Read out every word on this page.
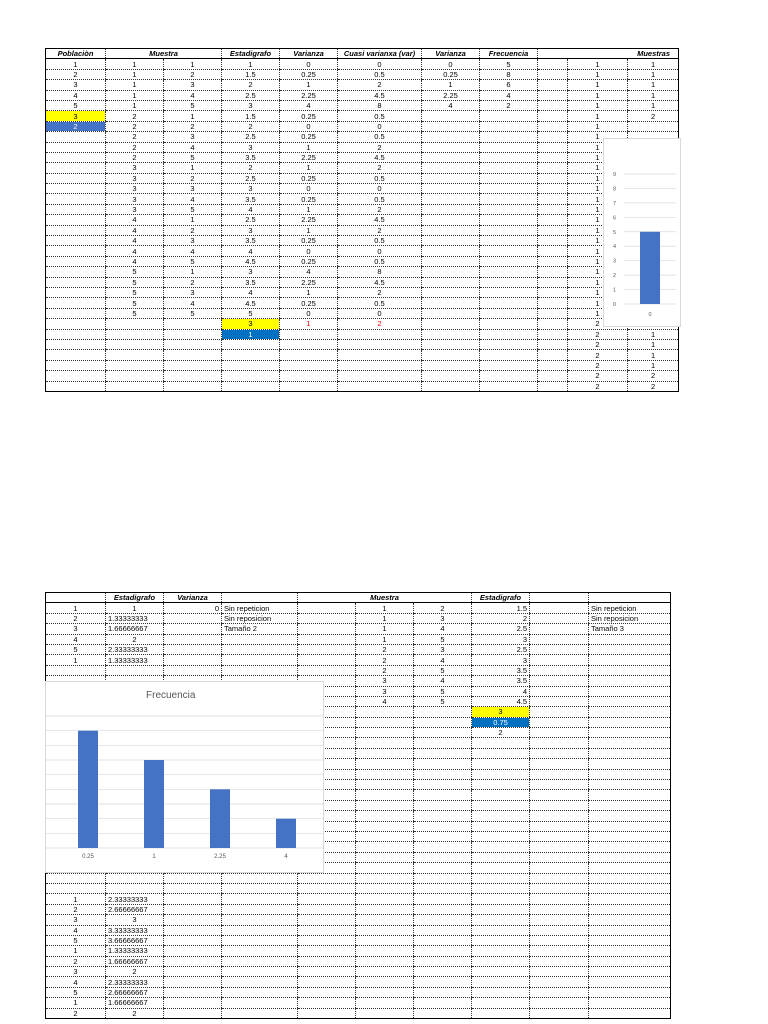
Poblaciòn	Muestra		Estadigrafo	Varianza	Cuasi varianxa (var)	Varianza	Frecuencia	Muestras		
1	1	1	1	0	0	0	5		1	1
2	1	2	1.5	0.25	0.5	0.25	8		1	1
3	1	3	2	1	2	1	6		1	1
4	1	4	2.5	2.25	4.5	2.25	4		1	1
5	1	5	3	4	8	4	2		1	1
3	2	1	1.5	0.25	0.5				1	2
2	2	2	2	0	0				1	
	2	3	2.5	0.25	0.5				1	
	2	4	3	1	2				1	
	2	5	3.5	2.25	4.5				1	
	3	1	2	1	2				1	
	3	2	2.5	0.25	0.5				1	
	3	3	3	0	0				1	
	3	4	3.5	0.25	0.5				1	
	3	5	4	1	2				1	
	4	1	2.5	2.25	4.5				1	
	4	2	3	1	2				1	
	4	3	3.5	0.25	0.5				1	
	4	4	4	0	0				1	
	4	5	4.5	0.25	0.5				1	
	5	1	3	4	8				1	
	5	2	3.5	2.25	4.5				1	
	5	3	4	1	2				1	
	5	4	4.5	0.25	0.5				1	
	5	5	5	0	0				1	
			3	1	2				2	
			1						2	1
									2	1
									2	1
									2	1
									2	2
									2	2
0
1
2
3
4
5
6
7
8
9
0
	Estadigrafo	Varianza		Muestra			Estadigrafo		
1	1	0	Sin repeticion		1	2	1.5		Sin repeticion
2	1.33333333		Sin reposicion		1	3	2		Sin reposicion
3	1.66666667		Tamaño 2		1	4	2.5		Tamaño 3
4	2				1	5	3		
5	2.33333333				2	3	2.5		
1	1.33333333				2	4	3		
					2	5	3.5		
					3	4	3.5		
					3	5	4		
					4	5	4.5		
							3		
							0.75		
							2		

1	2.33333333								
2	2.66666667								
3	3								
4	3.33333333								
5	3.66666667								
1	1.33333333								
2	1.66666667								
3	2								
4	2.33333333								
5	2.66666667								
1	1.66666667								
2	2								
Frecuencia
0.25	1	2.25	4
